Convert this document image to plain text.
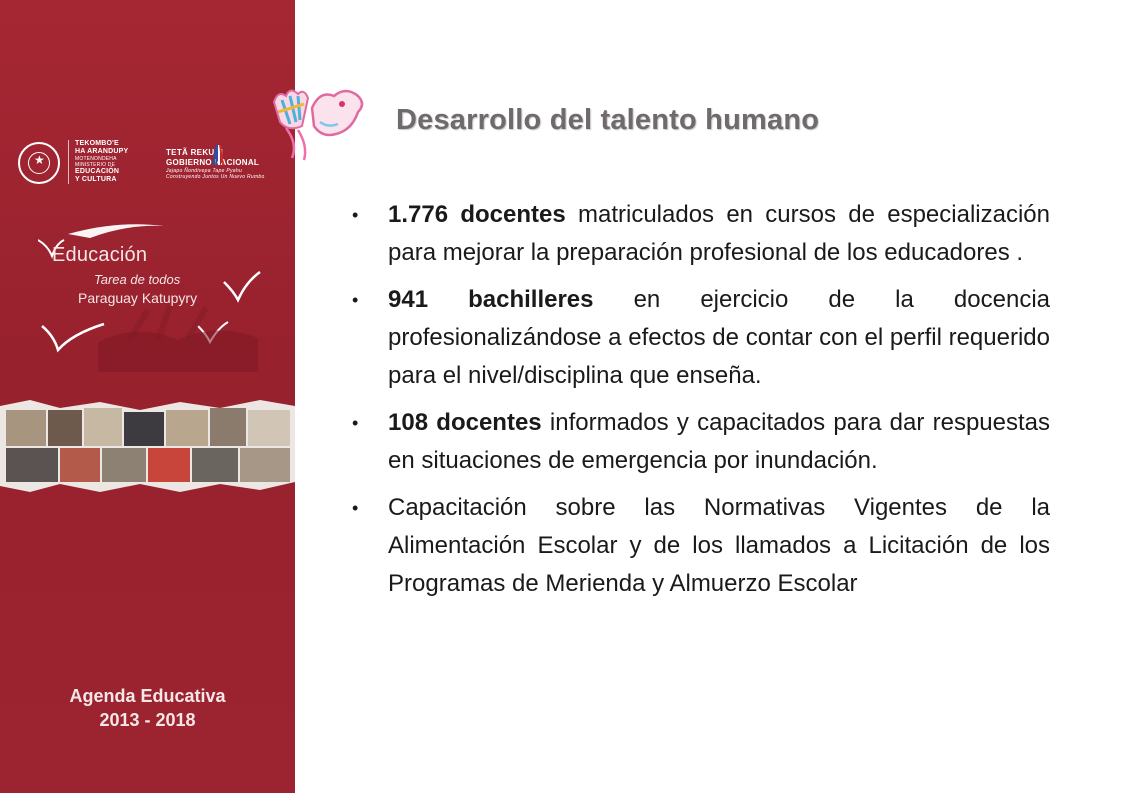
★
TEKOMBO'E
HA ARANDUPY
MOTENONDEHA
MINISTERIO DE
EDUCACIÓN
Y CULTURA
TETÃ REKUÁI
GOBIERNO NACIONAL
Jajapo Ñondivepa Tape Pyahu
Construyendo Juntos Un Nuevo Rumbo
Educación
Tarea de todos
Paraguay Katupyry
Agenda Educativa
2013 - 2018
Desarrollo del talento humano
• 1.776 docentes matriculados en cursos de especialización para mejorar la preparación profesional de los educadores .
• 941 bachilleres en ejercicio de la docencia profesionalizándose a efectos de contar con el perfil requerido para el nivel/disciplina que enseña.
• 108 docentes informados y capacitados para dar respuestas en situaciones de emergencia por inundación.
• Capacitación sobre las Normativas Vigentes de la Alimentación Escolar y de los llamados a Licitación de los Programas de Merienda y Almuerzo Escolar
